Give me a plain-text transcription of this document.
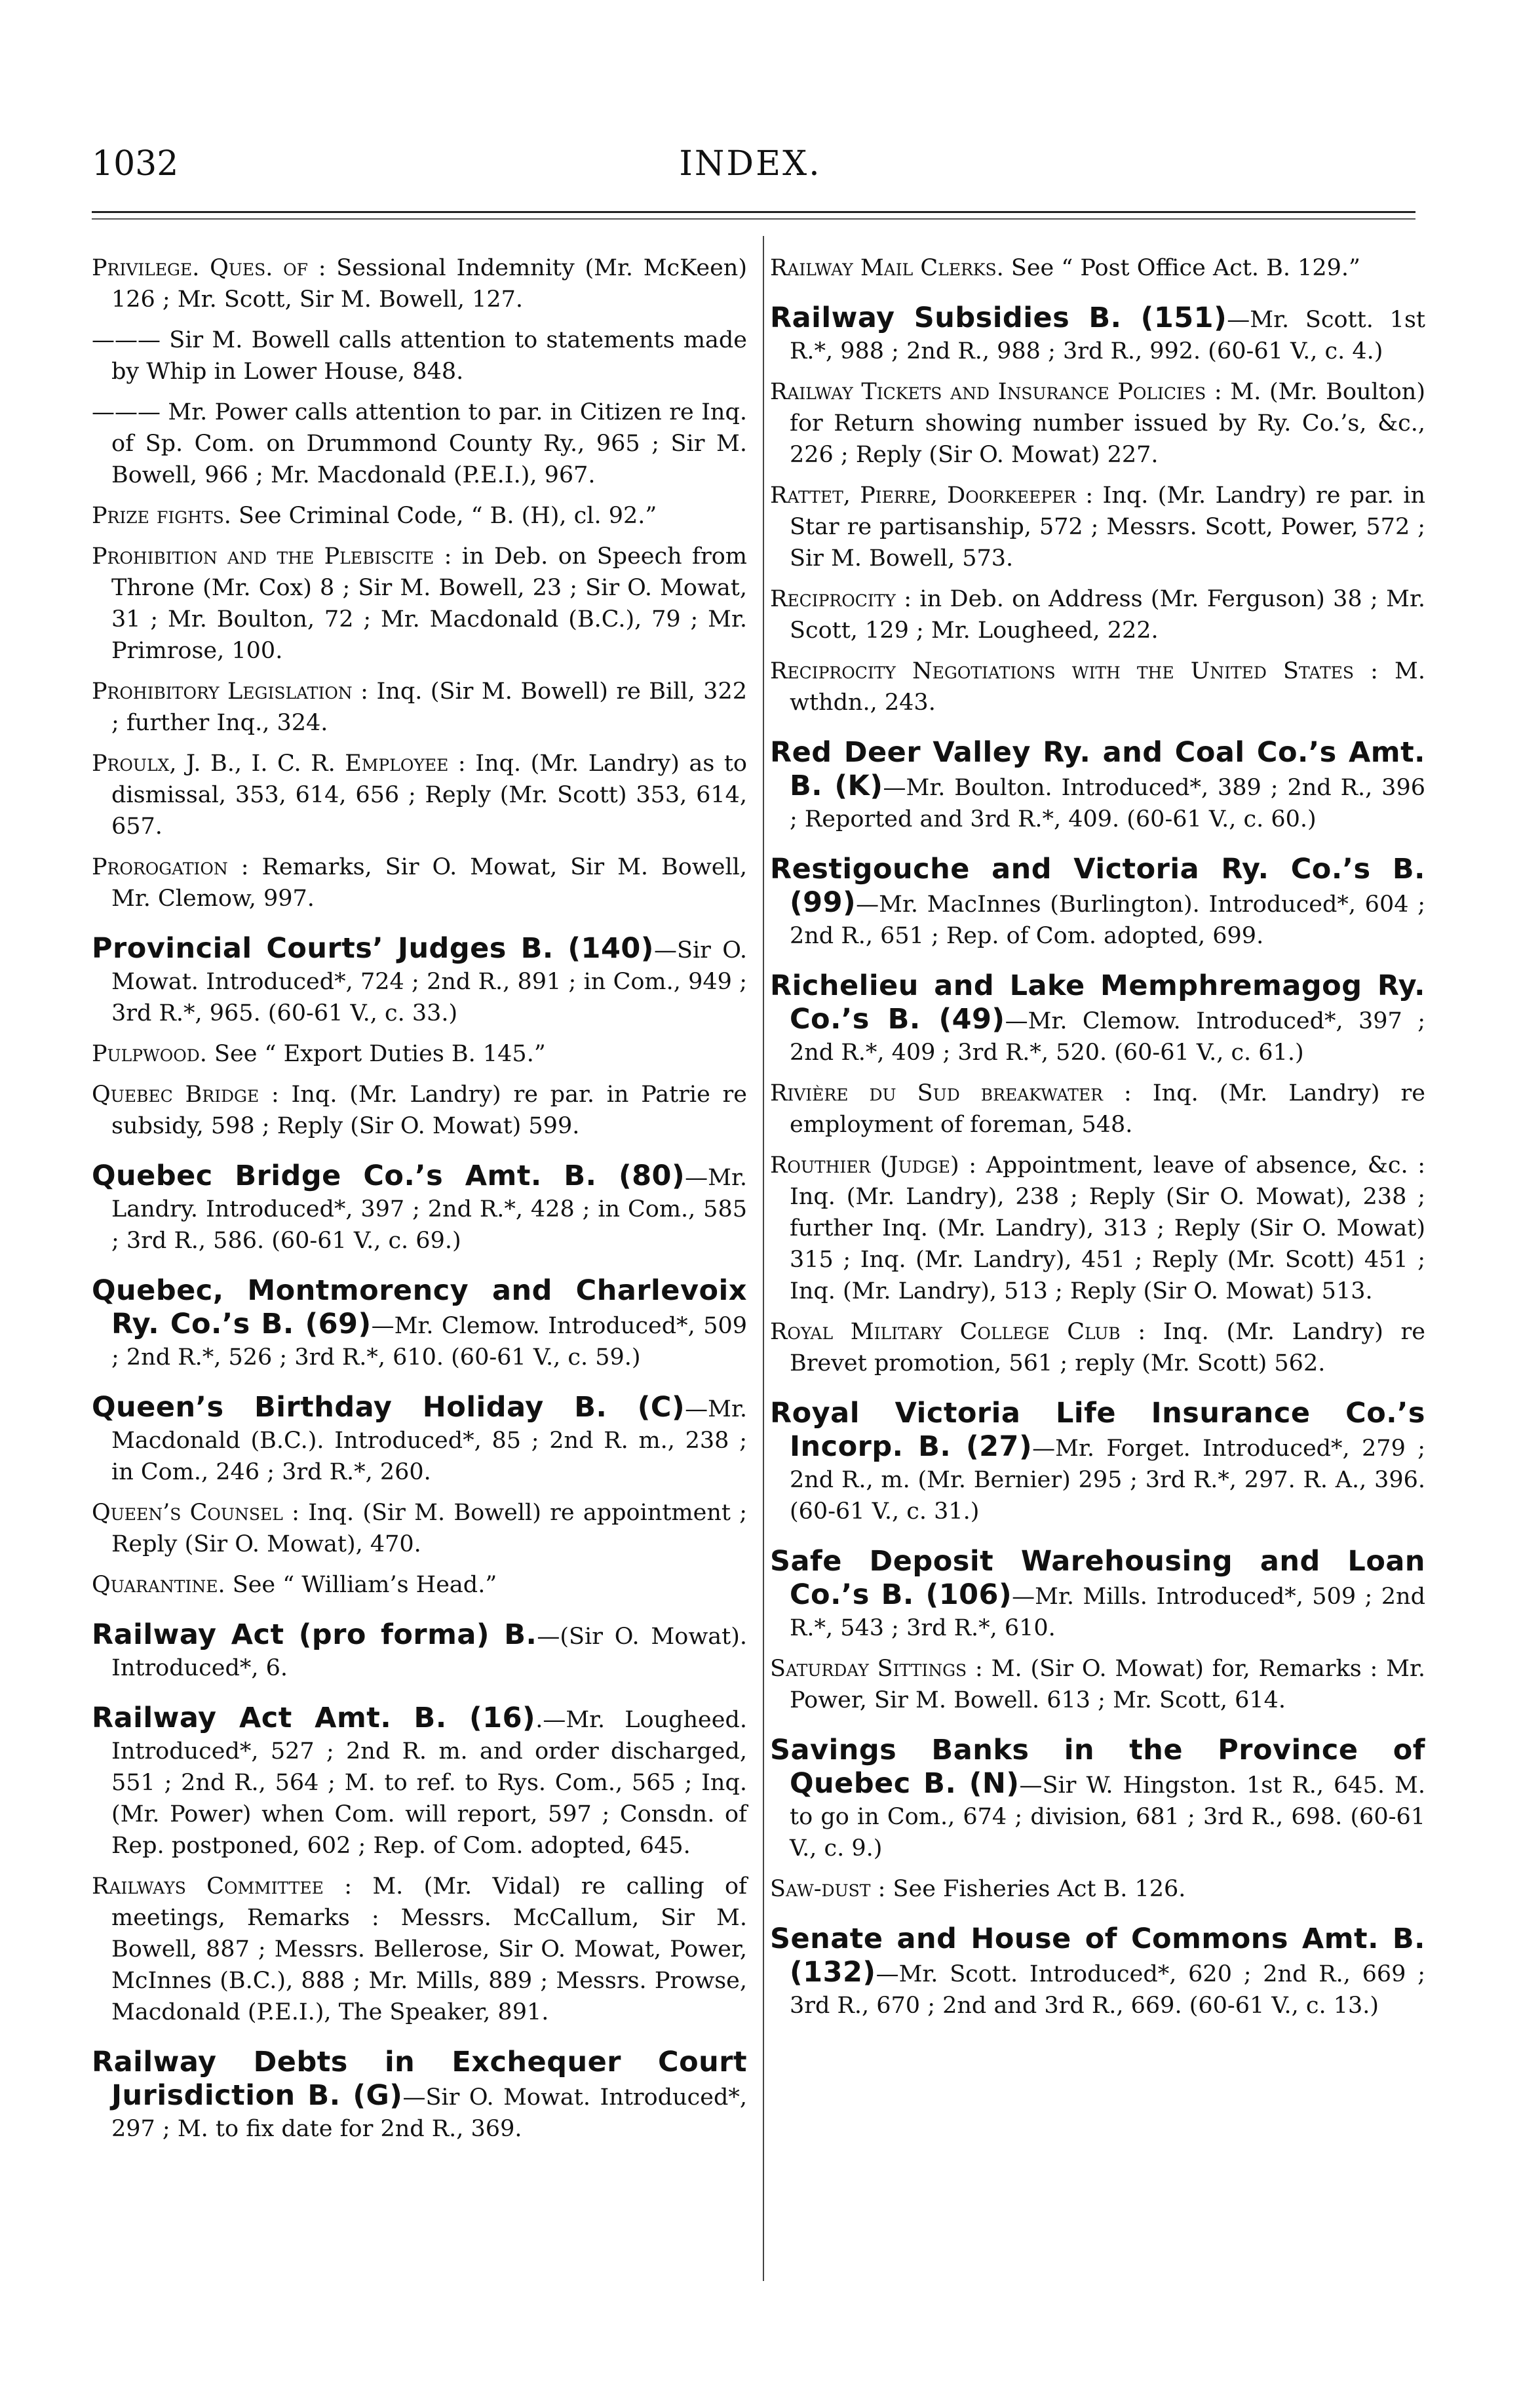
1032	INDEX.
Privilege. Ques. of : Sessional Indemnity (Mr. McKeen) 126 ; Mr. Scott, Sir M. Bowell, 127.
——— Sir M. Bowell calls attention to statements made by Whip in Lower House, 848.
——— Mr. Power calls attention to par. in Citizen re Inq. of Sp. Com. on Drummond County Ry., 965 ; Sir M. Bowell, 966 ; Mr. Macdonald (P.E.I.), 967.
Prize fights. See Criminal Code, “ B. (H), cl. 92.”
Prohibition and the Plebiscite : in Deb. on Speech from Throne (Mr. Cox) 8 ; Sir M. Bowell, 23 ; Sir O. Mowat, 31 ; Mr. Boulton, 72 ; Mr. Macdonald (B.C.), 79 ; Mr. Primrose, 100.
Prohibitory Legislation : Inq. (Sir M. Bowell) re Bill, 322 ; further Inq., 324.
Proulx, J. B., I. C. R. Employee : Inq. (Mr. Landry) as to dismissal, 353, 614, 656 ; Reply (Mr. Scott) 353, 614, 657.
Prorogation : Remarks, Sir O. Mowat, Sir M. Bowell, Mr. Clemow, 997.
Provincial Courts’ Judges B. (140)—Sir O. Mowat. Introduced*, 724 ; 2nd R., 891 ; in Com., 949 ; 3rd R.*, 965. (60-61 V., c. 33.)
Pulpwood. See “ Export Duties B. 145.”
Quebec Bridge : Inq. (Mr. Landry) re par. in Patrie re subsidy, 598 ; Reply (Sir O. Mowat) 599.
Quebec Bridge Co.’s Amt. B. (80)—Mr. Landry. Introduced*, 397 ; 2nd R.*, 428 ; in Com., 585 ; 3rd R., 586. (60-61 V., c. 69.)
Quebec, Montmorency and Charlevoix Ry. Co.’s B. (69)—Mr. Clemow. Introduced*, 509 ; 2nd R.*, 526 ; 3rd R.*, 610. (60-61 V., c. 59.)
Queen’s Birthday Holiday B. (C)—Mr. Macdonald (B.C.). Introduced*, 85 ; 2nd R. m., 238 ; in Com., 246 ; 3rd R.*, 260.
Queen’s Counsel : Inq. (Sir M. Bowell) re appointment ; Reply (Sir O. Mowat), 470.
Quarantine. See “ William’s Head.”
Railway Act (pro forma) B.—(Sir O. Mowat). Introduced*, 6.
Railway Act Amt. B. (16).—Mr. Lougheed. Introduced*, 527 ; 2nd R. m. and order discharged, 551 ; 2nd R., 564 ; M. to ref. to Rys. Com., 565 ; Inq. (Mr. Power) when Com. will report, 597 ; Consdn. of Rep. postponed, 602 ; Rep. of Com. adopted, 645.
Railways Committee : M. (Mr. Vidal) re calling of meetings, Remarks : Messrs. McCallum, Sir M. Bowell, 887 ; Messrs. Bellerose, Sir O. Mowat, Power, McInnes (B.C.), 888 ; Mr. Mills, 889 ; Messrs. Prowse, Macdonald (P.E.I.), The Speaker, 891.
Railway Debts in Exchequer Court Jurisdiction B. (G)—Sir O. Mowat. Introduced*, 297 ; M. to fix date for 2nd R., 369.
Railway Mail Clerks. See “ Post Office Act. B. 129.”
Railway Subsidies B. (151)—Mr. Scott. 1st R.*, 988 ; 2nd R., 988 ; 3rd R., 992. (60-61 V., c. 4.)
Railway Tickets and Insurance Policies : M. (Mr. Boulton) for Return showing number issued by Ry. Co.’s, &c., 226 ; Reply (Sir O. Mowat) 227.
Rattet, Pierre, Doorkeeper : Inq. (Mr. Landry) re par. in Star re partisanship, 572 ; Messrs. Scott, Power, 572 ; Sir M. Bowell, 573.
Reciprocity : in Deb. on Address (Mr. Ferguson) 38 ; Mr. Scott, 129 ; Mr. Lougheed, 222.
Reciprocity Negotiations with the United States : M. wthdn., 243.
Red Deer Valley Ry. and Coal Co.’s Amt. B. (K)—Mr. Boulton. Introduced*, 389 ; 2nd R., 396 ; Reported and 3rd R.*, 409. (60-61 V., c. 60.)
Restigouche and Victoria Ry. Co.’s B. (99)—Mr. MacInnes (Burlington). Introduced*, 604 ; 2nd R., 651 ; Rep. of Com. adopted, 699.
Richelieu and Lake Memphremagog Ry. Co.’s B. (49)—Mr. Clemow. Introduced*, 397 ; 2nd R.*, 409 ; 3rd R.*, 520. (60-61 V., c. 61.)
Rivière du Sud breakwater : Inq. (Mr. Landry) re employment of foreman, 548.
Routhier (Judge) : Appointment, leave of absence, &c. : Inq. (Mr. Landry), 238 ; Reply (Sir O. Mowat), 238 ; further Inq. (Mr. Landry), 313 ; Reply (Sir O. Mowat) 315 ; Inq. (Mr. Landry), 451 ; Reply (Mr. Scott) 451 ; Inq. (Mr. Landry), 513 ; Reply (Sir O. Mowat) 513.
Royal Military College Club : Inq. (Mr. Landry) re Brevet promotion, 561 ; reply (Mr. Scott) 562.
Royal Victoria Life Insurance Co.’s Incorp. B. (27)—Mr. Forget. Introduced*, 279 ; 2nd R., m. (Mr. Bernier) 295 ; 3rd R.*, 297. R. A., 396. (60-61 V., c. 31.)
Safe Deposit Warehousing and Loan Co.’s B. (106)—Mr. Mills. Introduced*, 509 ; 2nd R.*, 543 ; 3rd R.*, 610.
Saturday Sittings : M. (Sir O. Mowat) for, Remarks : Mr. Power, Sir M. Bowell. 613 ; Mr. Scott, 614.
Savings Banks in the Province of Quebec B. (N)—Sir W. Hingston. 1st R., 645. M. to go in Com., 674 ; division, 681 ; 3rd R., 698. (60-61 V., c. 9.)
Saw-dust : See Fisheries Act B. 126.
Senate and House of Commons Amt. B. (132)—Mr. Scott. Introduced*, 620 ; 2nd R., 669 ; 3rd R., 670 ; 2nd and 3rd R., 669. (60-61 V., c. 13.)
